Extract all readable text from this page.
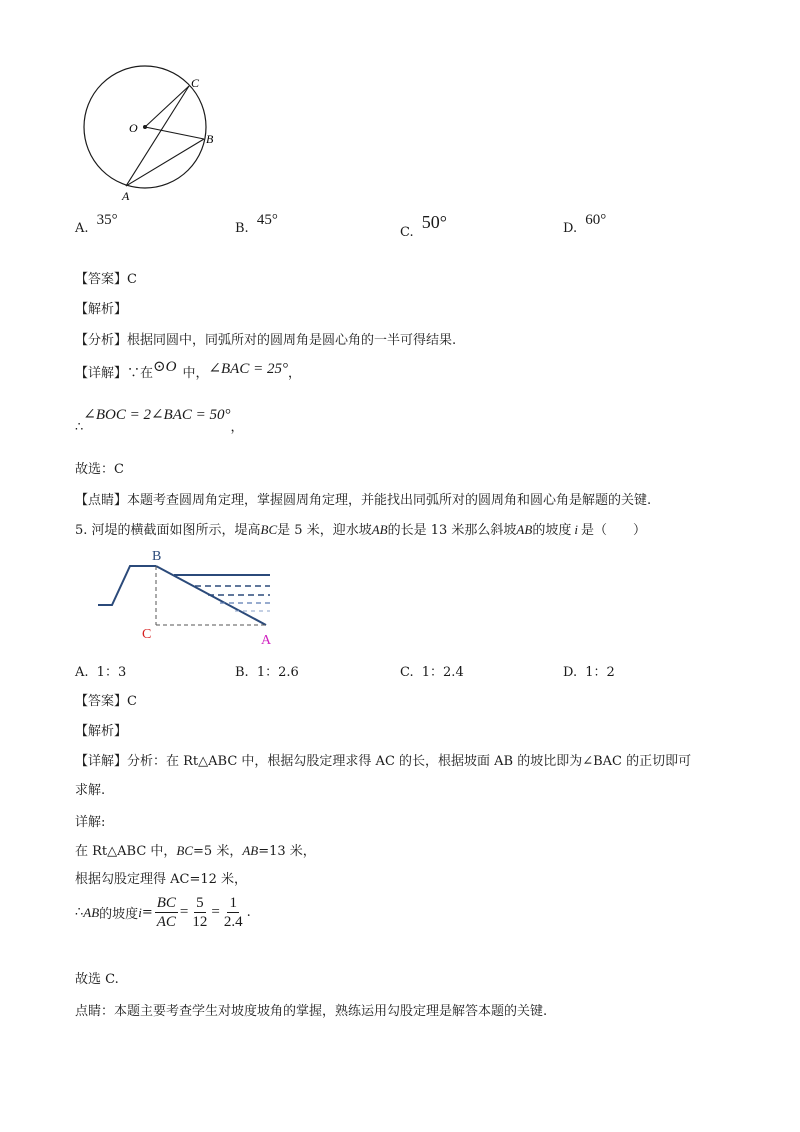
O
C
B
A
A. 35°
B. 45°
C. 50°	D. 60°
【答案】C
【解析】
【分析】根据同圆中，同弧所对的圆周角是圆心角的一半可得结果.
【详解】∵在⊙O 中，∠BAC = 25°，
∴∠BOC = 2∠BAC = 50°，
故选：C
【点睛】本题考查圆周角定理，掌握圆周角定理，并能找出同弧所对的圆周角和圆心角是解题的关键.
5. 河堤的横截面如图所示，堤高BC是 5 米，迎水坡AB的长是 13 米那么斜坡AB的坡度 i 是（　　）
B
C	A
A. 1：3	B. 1：2.6	C. 1：2.4	D. 1：2
【答案】C
【解析】
【详解】分析：在 Rt△ABC 中，根据勾股定理求得 AC 的长，根据坡面 AB 的坡比即为∠BAC 的正切即可
求解.
详解:
在 Rt△ABC 中，BC=5 米，AB=13 米，
根据勾股定理得 AC=12 米，
∴ AB 的坡度 $i = \frac{BC}{AC} = \frac{5}{12} = \frac{1}{2.4}$ .
故选 C.
点睛：本题主要考查学生对坡度坡角的掌握，熟练运用勾股定理是解答本题的关键.
